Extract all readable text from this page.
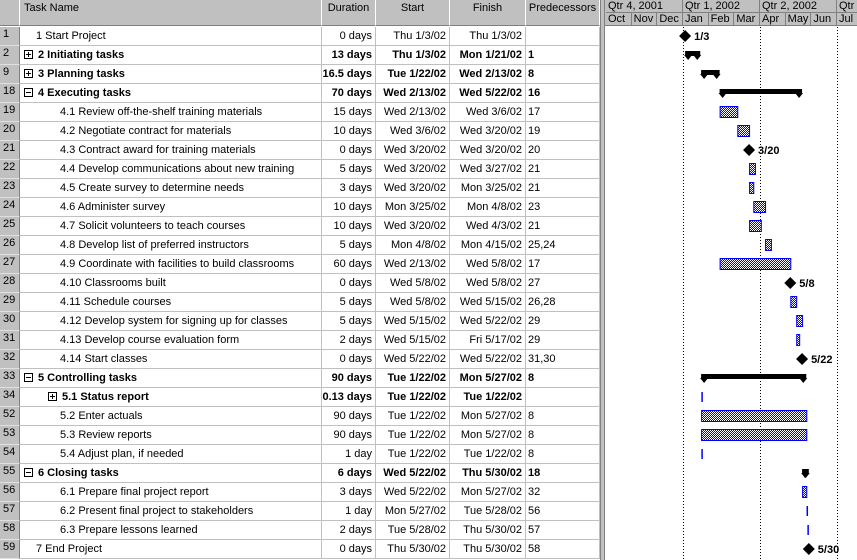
Task Name	Duration	Start	Finish	Predecessors
1	1 Start Project	0 days	Thu 1/3/02	Thu 1/3/02
2	2 Initiating tasks	13 days	Thu 1/3/02	Mon 1/21/02 1
9	3 Planning tasks	16.5 days	Tue 1/22/02	Wed 2/13/02 8
18	4 Executing tasks	70 days	Wed 2/13/02	Wed 5/22/02 16
19	4.1 Review off-the-shelf training materials	15 days	Wed 2/13/02	Wed 3/6/02 17
20	4.2 Negotiate contract for materials	10 days	Wed 3/6/02	Wed 3/20/02 19
21	4.3 Contract award for training materials	0 days	Wed 3/20/02	Wed 3/20/02 20
22	4.4 Develop communications about new training	5 days	Wed 3/20/02	Wed 3/27/02 21
23	4.5 Create survey to determine needs	3 days	Wed 3/20/02	Mon 3/25/02 21
24	4.6 Administer survey	10 days	Mon 3/25/02	Mon 4/8/02 23
25	4.7 Solicit volunteers to teach courses	10 days	Wed 3/20/02	Wed 4/3/02 21
26	4.8 Develop list of preferred instructors	5 days	Mon 4/8/02	Mon 4/15/02 25,24
27	4.9 Coordinate with facilities to build classrooms	60 days	Wed 2/13/02	Wed 5/8/02 17
28	4.10 Classrooms built	0 days	Wed 5/8/02	Wed 5/8/02 27
29	4.11 Schedule courses	5 days	Wed 5/8/02	Wed 5/15/02 26,28
30	4.12 Develop system for signing up for classes	5 days	Wed 5/15/02	Wed 5/22/02 29
31	4.13 Develop course evaluation form	2 days	Wed 5/15/02	Fri 5/17/02 29
32	4.14 Start classes	0 days	Wed 5/22/02	Wed 5/22/02 31,30
33	5 Controlling tasks	90 days	Tue 1/22/02	Mon 5/27/02 8
34	5.1 Status report	0.13 days	Tue 1/22/02	Tue 1/22/02
52	5.2 Enter actuals	90 days	Tue 1/22/02	Mon 5/27/02 8
53	5.3 Review reports	90 days	Tue 1/22/02	Mon 5/27/02 8
54	5.4 Adjust plan, if needed	1 day	Tue 1/22/02	Tue 1/22/02 8
55	6 Closing tasks	6 days	Wed 5/22/02	Thu 5/30/02 18
56	6.1 Prepare final project report	3 days	Wed 5/22/02	Mon 5/27/02 32
57	6.2 Present final project to stakeholders	1 day	Mon 5/27/02	Tue 5/28/02 56
58	6.3 Prepare lessons learned	2 days	Tue 5/28/02	Thu 5/30/02 57
59	7 End Project	0 days	Thu 5/30/02	Thu 5/30/02 58
Qtr 4, 2001	Qtr 1, 2002	Qtr 2, 2002	Qtr
Oct Nov Dec Jan Feb Mar Apr May Jun Jul
1/3
3/20
5/8
5/22
5/30
